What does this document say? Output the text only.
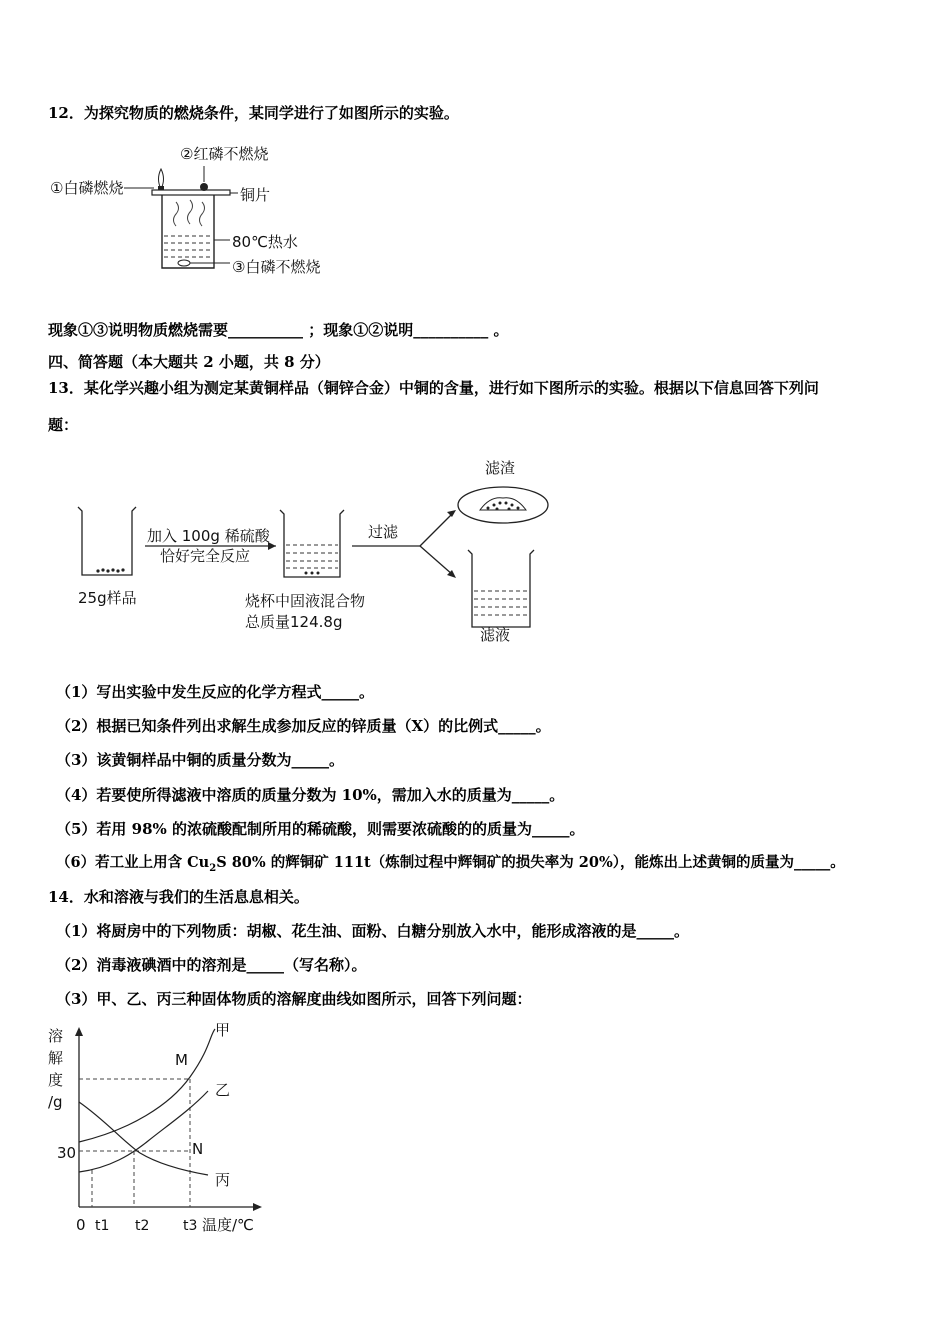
12．为探究物质的燃烧条件，某同学进行了如图所示的实验。
②红磷不燃烧
①白磷燃烧	铜片
80℃热水
③白磷不燃烧
现象①③说明物质燃烧需要__________ ；现象①②说明__________ 。
四、简答题（本大题共 2 小题，共 8 分）
13．某化学兴趣小组为测定某黄铜样品（铜锌合金）中铜的含量，进行如下图所示的实验。根据以下信息回答下列问
题：
滤渣
加入 100g 稀硫酸
恰好完全反应
过滤
25g样品	烧杯中固液混合物
总质量124.8g
滤液
（1）写出实验中发生反应的化学方程式_____。
（2）根据已知条件列出求解生成参加反应的锌质量（X）的比例式_____。
（3）该黄铜样品中铜的质量分数为_____。
（4）若要使所得滤液中溶质的质量分数为 10%，需加入水的质量为_____。
（5）若用 98% 的浓硫酸配制所用的稀硫酸，则需要浓硫酸的的质量为_____。
（6）若工业上用含 $Cu_2S$ 80% 的辉铜矿 111t（炼制过程中辉铜矿的损失率为 20%），能炼出上述黄铜的质量为_____。
14．水和溶液与我们的生活息息相关。
（1）将厨房中的下列物质：胡椒、花生油、面粉、白糖分别放入水中，能形成溶液的是_____。
（2）消毒液碘酒中的溶剂是_____（写名称）。
（3）甲、乙、丙三种固体物质的溶解度曲线如图所示，回答下列问题：
溶
解
度
/g
甲
M
乙
N
30
丙
0 t1 t2 t3 温度/℃
